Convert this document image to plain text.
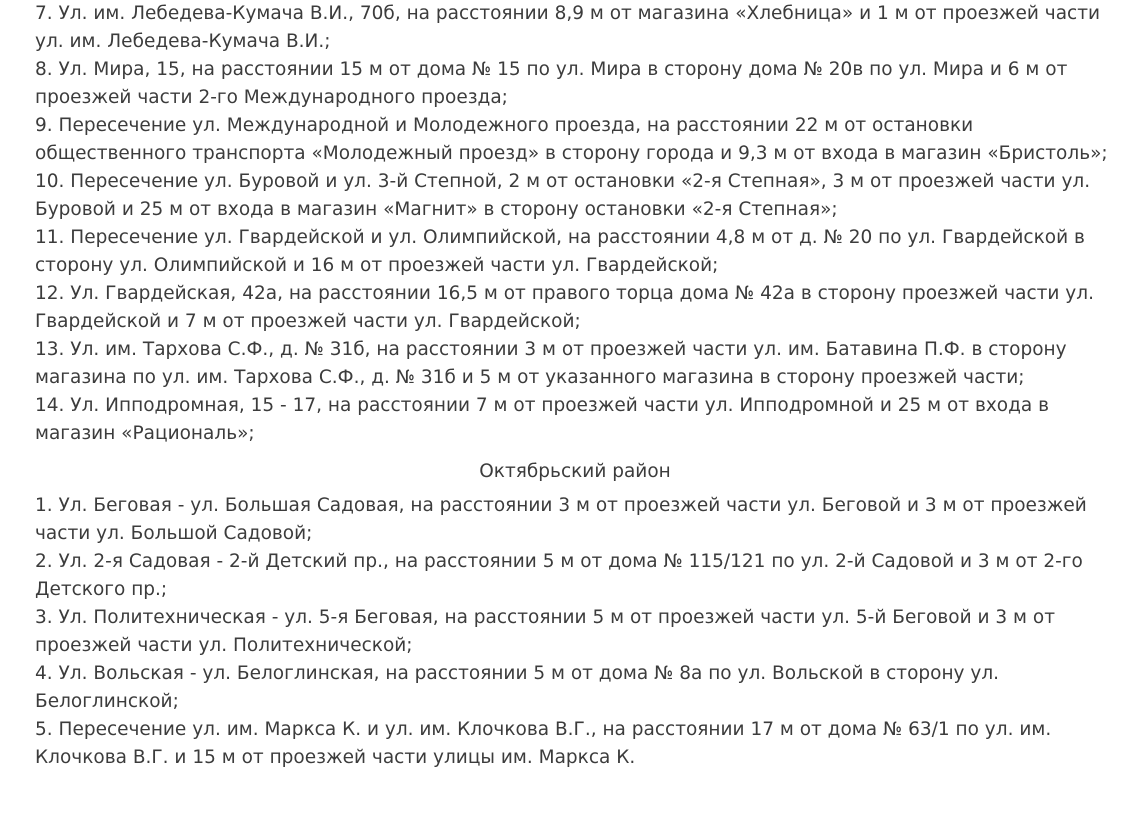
7. Ул. им. Лебедева-Кумача В.И., 70б, на расстоянии 8,9 м от магазина «Хлебница» и 1 м от проезжей части ул. им. Лебедева-Кумача В.И.;

8. Ул. Мира, 15, на расстоянии 15 м от дома № 15 по ул. Мира в сторону дома № 20в по ул. Мира и 6 м от проезжей части 2-го Международного проезда;

9. Пересечение ул. Международной и Молодежного проезда, на расстоянии 22 м от остановки общественного транспорта «Молодежный проезд» в сторону города и 9,3 м от входа в магазин «Бристоль»;

10. Пересечение ул. Буровой и ул. 3-й Степной, 2 м от остановки «2-я Степная», 3 м от проезжей части ул. Буровой и 25 м от входа в магазин «Магнит» в сторону остановки «2-я Степная»;

11. Пересечение ул. Гвардейской и ул. Олимпийской, на расстоянии 4,8 м от д. № 20 по ул. Гвардейской в сторону ул. Олимпийской и 16 м от проезжей части ул. Гвардейской;

12. Ул. Гвардейская, 42а, на расстоянии 16,5 м от правого торца дома № 42а в сторону проезжей части ул. Гвардейской и 7 м от проезжей части ул. Гвардейской;

13. Ул. им. Тархова С.Ф., д. № 31б, на расстоянии 3 м от проезжей части ул. им. Батавина П.Ф. в сторону магазина по ул. им. Тархова С.Ф., д. № 31б и 5 м от указанного магазина в сторону проезжей части;

14. Ул. Ипподромная, 15 - 17, на расстоянии 7 м от проезжей части ул. Ипподромной и 25 м от входа в магазин «Рациональ»;

Октябрьский район

1. Ул. Беговая - ул. Большая Садовая, на расстоянии 3 м от проезжей части ул. Беговой и 3 м от проезжей части ул. Большой Садовой;

2. Ул. 2-я Садовая - 2-й Детский пр., на расстоянии 5 м от дома № 115/121 по ул. 2-й Садовой и 3 м от 2-го Детского пр.;

3. Ул. Политехническая - ул. 5-я Беговая, на расстоянии 5 м от проезжей части ул. 5-й Беговой и 3 м от проезжей части ул. Политехнической;

4. Ул. Вольская - ул. Белоглинская, на расстоянии 5 м от дома № 8а по ул. Вольской в сторону ул. Белоглинской;

5. Пересечение ул. им. Маркса К. и ул. им. Клочкова В.Г., на расстоянии 17 м от дома № 63/1 по ул. им. Клочкова В.Г. и 15 м от проезжей части улицы им. Маркса К.
